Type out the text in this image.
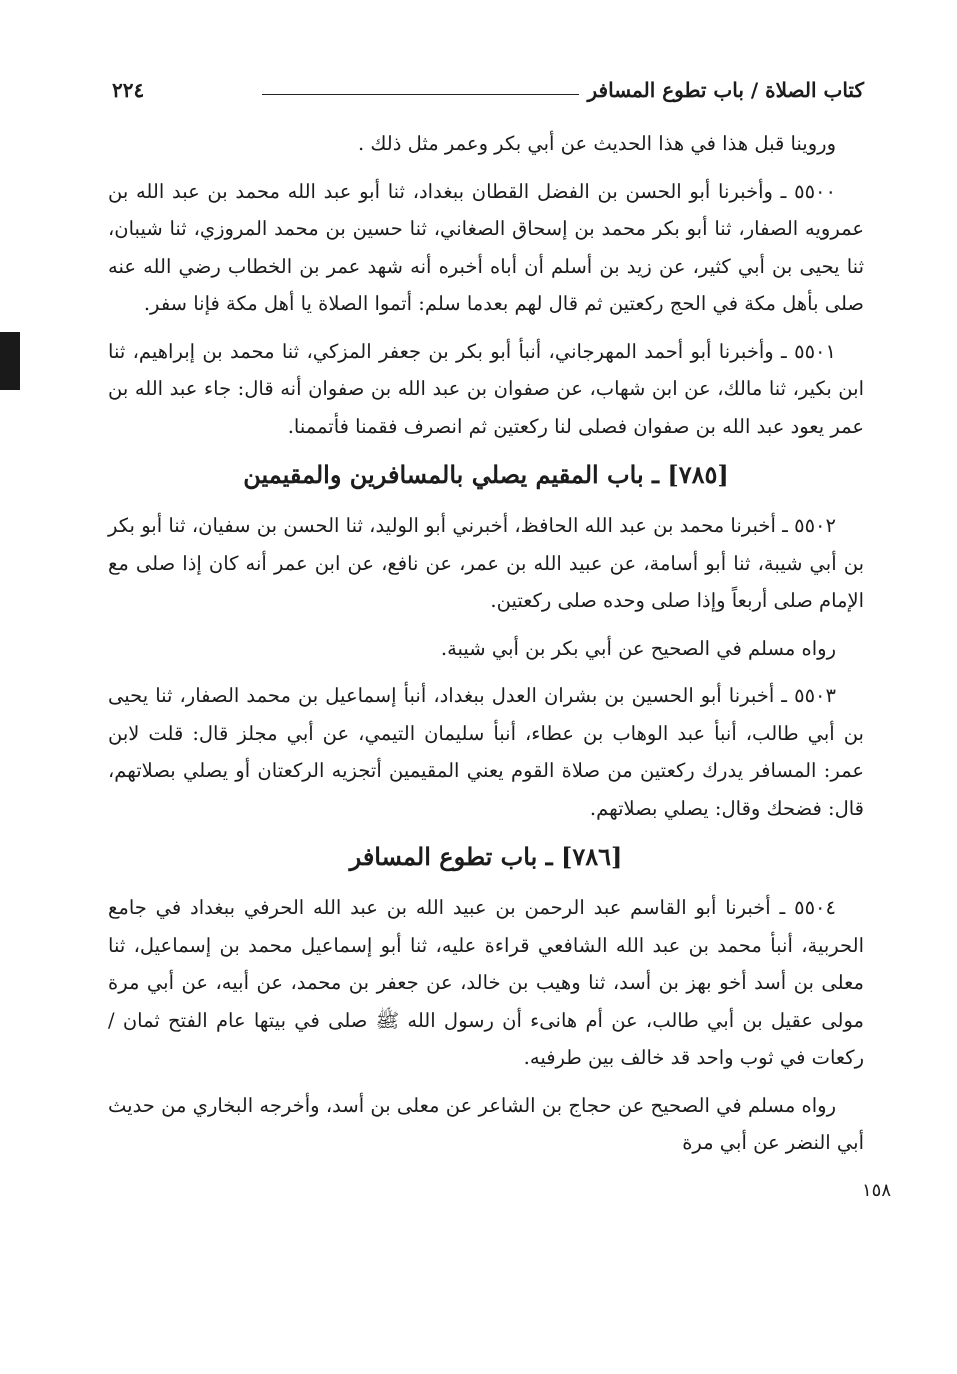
٢٢٤	كتاب الصلاة / باب تطوع المسافر

وروينا قبل هذا في هذا الحديث عن أبي بكر وعمر مثل ذلك .

٥٥٠٠ ـ وأخبرنا أبو الحسن بن الفضل القطان ببغداد، ثنا أبو عبد الله محمد بن عبد الله بن عمرويه الصفار، ثنا أبو بكر محمد بن إسحاق الصغاني، ثنا حسين بن محمد المروزي، ثنا شيبان، ثنا يحيى بن أبي كثير، عن زيد بن أسلم أن أباه أخبره أنه شهد عمر بن الخطاب رضي الله عنه صلى بأهل مكة في الحج ركعتين ثم قال لهم بعدما سلم: أتموا الصلاة يا أهل مكة فإنا سفر.

٥٥٠١ ـ وأخبرنا أبو أحمد المهرجاني، أنبأ أبو بكر بن جعفر المزكي، ثنا محمد بن إبراهيم، ثنا ابن بكير، ثنا مالك، عن ابن شهاب، عن صفوان بن عبد الله بن صفوان أنه قال: جاء عبد الله بن عمر يعود عبد الله بن صفوان فصلى لنا ركعتين ثم انصرف فقمنا فأتممنا.

[٧٨٥] ـ باب المقيم يصلي بالمسافرين والمقيمين

٥٥٠٢ ـ أخبرنا محمد بن عبد الله الحافظ، أخبرني أبو الوليد، ثنا الحسن بن سفيان، ثنا أبو بكر بن أبي شيبة، ثنا أبو أسامة، عن عبيد الله بن عمر، عن نافع، عن ابن عمر أنه كان إذا صلى مع الإمام صلى أربعاً وإذا صلى وحده صلى ركعتين.

رواه مسلم في الصحيح عن أبي بكر بن أبي شيبة.

٥٥٠٣ ـ أخبرنا أبو الحسين بن بشران العدل ببغداد، أنبأ إسماعيل بن محمد الصفار، ثنا يحيى بن أبي طالب، أنبأ عبد الوهاب بن عطاء، أنبأ سليمان التيمي، عن أبي مجلز قال: قلت لابن عمر: المسافر يدرك ركعتين من صلاة القوم يعني المقيمين أتجزيه الركعتان أو يصلي بصلاتهم، قال: فضحك وقال: يصلي بصلاتهم.

[٧٨٦] ـ باب تطوع المسافر

٥٥٠٤ ـ أخبرنا أبو القاسم عبد الرحمن بن عبيد الله بن عبد الله الحرفي ببغداد في جامع الحربية، أنبأ محمد بن عبد الله الشافعي قراءة عليه، ثنا أبو إسماعيل محمد بن إسماعيل، ثنا معلى بن أسد أخو بهز بن أسد، ثنا وهيب بن خالد، عن جعفر بن محمد، عن أبيه، عن أبي مرة مولى عقيل بن أبي طالب، عن أم هانىء أن رسول الله ﷺ صلى في بيتها عام الفتح ثمان / ركعات في ثوب واحد قد خالف بين طرفيه.

رواه مسلم في الصحيح عن حجاج بن الشاعر عن معلى بن أسد، وأخرجه البخاري من حديث أبي النضر عن أبي مرة

١٥٨
